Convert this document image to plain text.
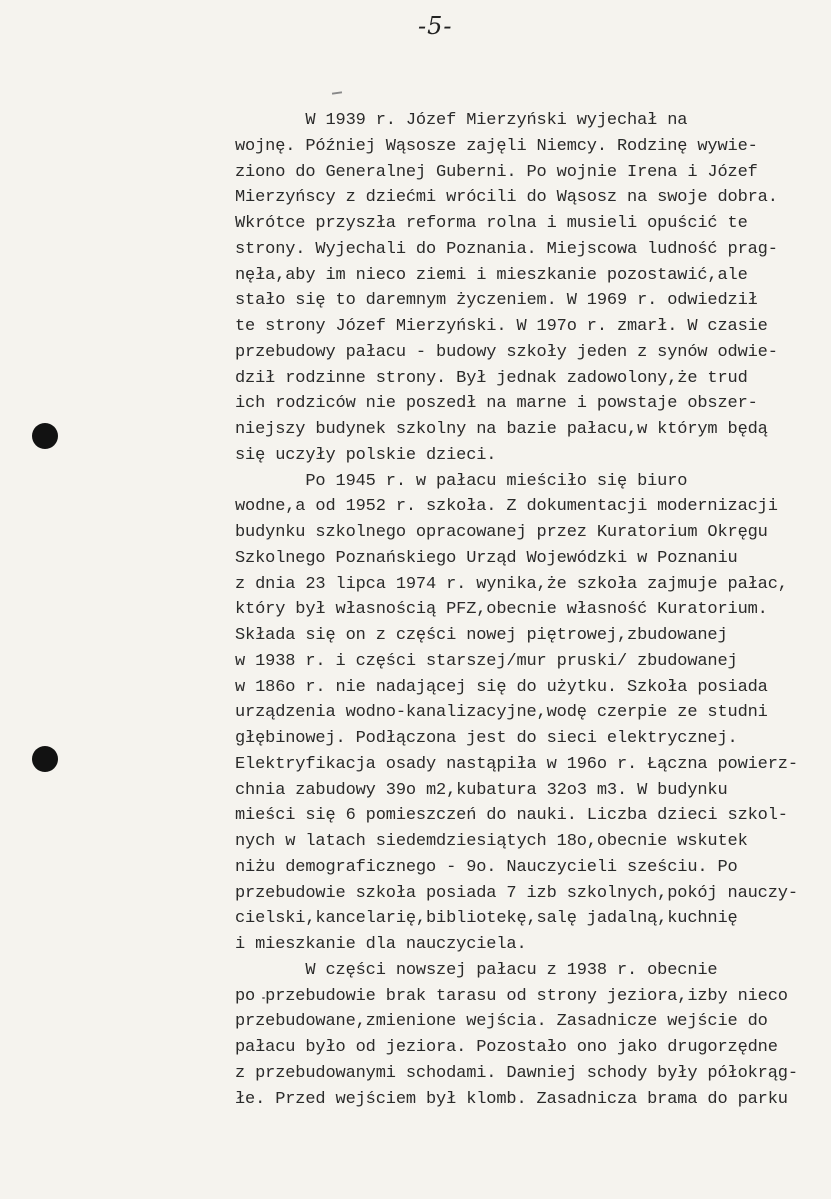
-5-
W 1939 r. Józef Mierzyński wyjechał na
wojnę. Później Wąsosze zajęli Niemcy. Rodzinę wywie-
ziono do Generalnej Guberni. Po wojnie Irena i Józef
Mierzyńscy z dziećmi wrócili do Wąsosz na swoje dobra.
Wkrótce przyszła reforma rolna i musieli opuścić te
strony. Wyjechali do Poznania. Miejscowa ludność prag-
nęła,aby im nieco ziemi i mieszkanie pozostawić,ale
stało się to daremnym życzeniem. W 1969 r. odwiedził
te strony Józef Mierzyński. W 197o r. zmarł. W czasie
przebudowy pałacu - budowy szkoły jeden z synów odwie-
dził rodzinne strony. Był jednak zadowolony,że trud
ich rodziców nie poszedł na marne i powstaje obszer-
niejszy budynek szkolny na bazie pałacu,w którym będą
się uczyły polskie dzieci.
Po 1945 r. w pałacu mieściło się biuro
wodne,a od 1952 r. szkoła. Z dokumentacji modernizacji
budynku szkolnego opracowanej przez Kuratorium Okręgu
Szkolnego Poznańskiego Urząd Wojewódzki w Poznaniu
z dnia 23 lipca 1974 r. wynika,że szkoła zajmuje pałac,
który był własnością PFZ,obecnie własność Kuratorium.
Składa się on z części nowej piętrowej,zbudowanej
w 1938 r. i części starszej/mur pruski/ zbudowanej
w 186o r. nie nadającej się do użytku. Szkoła posiada
urządzenia wodno-kanalizacyjne,wodę czerpie ze studni
głębinowej. Podłączona jest do sieci elektrycznej.
Elektryfikacja osady nastąpiła w 196o r. Łączna powierz-
chnia zabudowy 39o m2,kubatura 32o3 m3. W budynku
mieści się 6 pomieszczeń do nauki. Liczba dzieci szkol-
nych w latach siedemdziesiątych 18o,obecnie wskutek
niżu demograficznego - 9o. Nauczycieli sześciu. Po
przebudowie szkoła posiada 7 izb szkolnych,pokój nauczy-
cielski,kancelarię,bibliotekę,salę jadalną,kuchnię
i mieszkanie dla nauczyciela.
W części nowszej pałacu z 1938 r. obecnie
po przebudowie brak tarasu od strony jeziora,izby nieco
przebudowane,zmienione wejścia. Zasadnicze wejście do
pałacu było od jeziora. Pozostało ono jako drugorzędne
z przebudowanymi schodami. Dawniej schody były półokrąg-
łe. Przed wejściem był klomb. Zasadnicza brama do parku
